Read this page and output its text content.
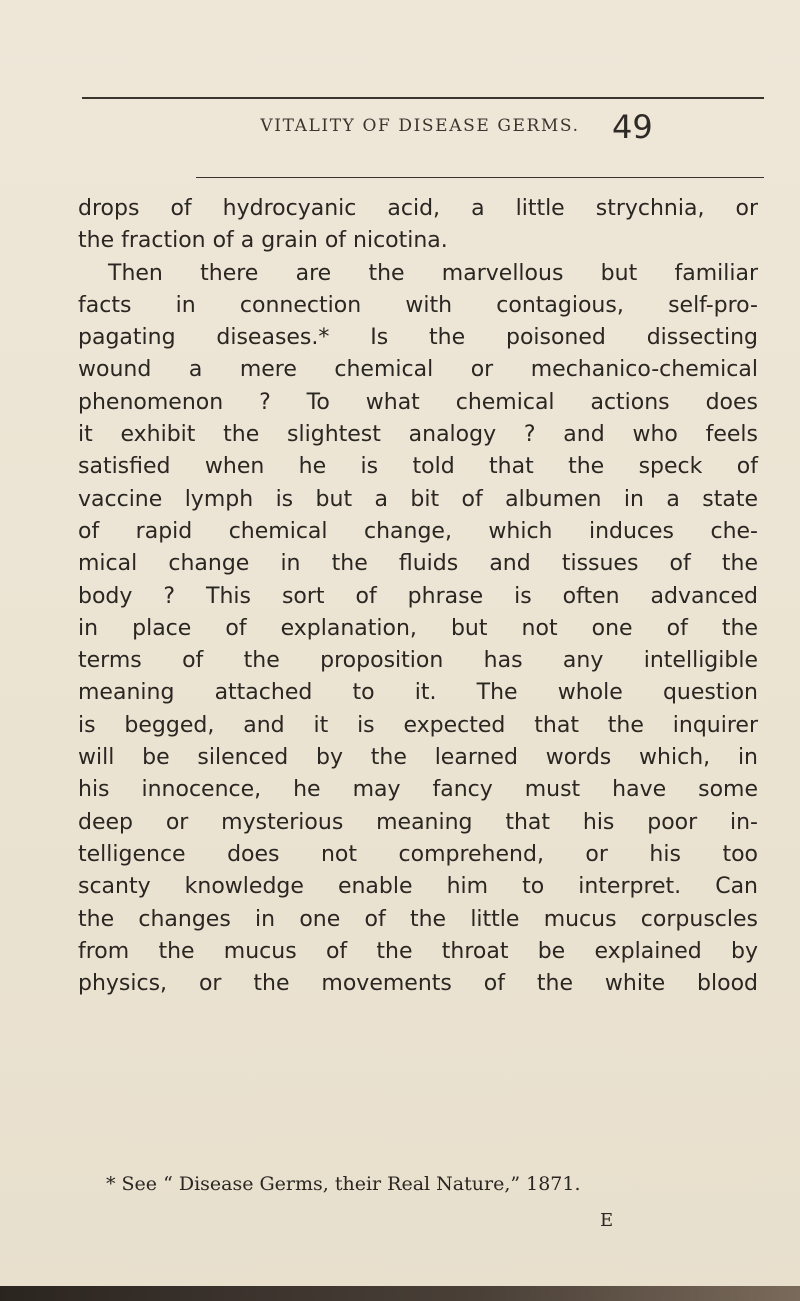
VITALITY OF DISEASE GERMS.	49
drops of hydrocyanic acid, a little strychnia, or
the fraction of a grain of nicotina.
Then there are the marvellous but familiar
facts in connection with contagious, self-pro-
pagating diseases.* Is the poisoned dissecting
wound a mere chemical or mechanico-chemical
phenomenon ? To what chemical actions does
it exhibit the slightest analogy ? and who feels
satisfied when he is told that the speck of
vaccine lymph is but a bit of albumen in a state
of rapid chemical change, which induces che-
mical change in the fluids and tissues of the
body ? This sort of phrase is often advanced
in place of explanation, but not one of the
terms of the proposition has any intelligible
meaning attached to it. The whole question
is begged, and it is expected that the inquirer
will be silenced by the learned words which, in
his innocence, he may fancy must have some
deep or mysterious meaning that his poor in-
telligence does not comprehend, or his too
scanty knowledge enable him to interpret. Can
the changes in one of the little mucus corpuscles
from the mucus of the throat be explained by
physics, or the movements of the white blood
* See “ Disease Germs, their Real Nature,” 1871.
E
